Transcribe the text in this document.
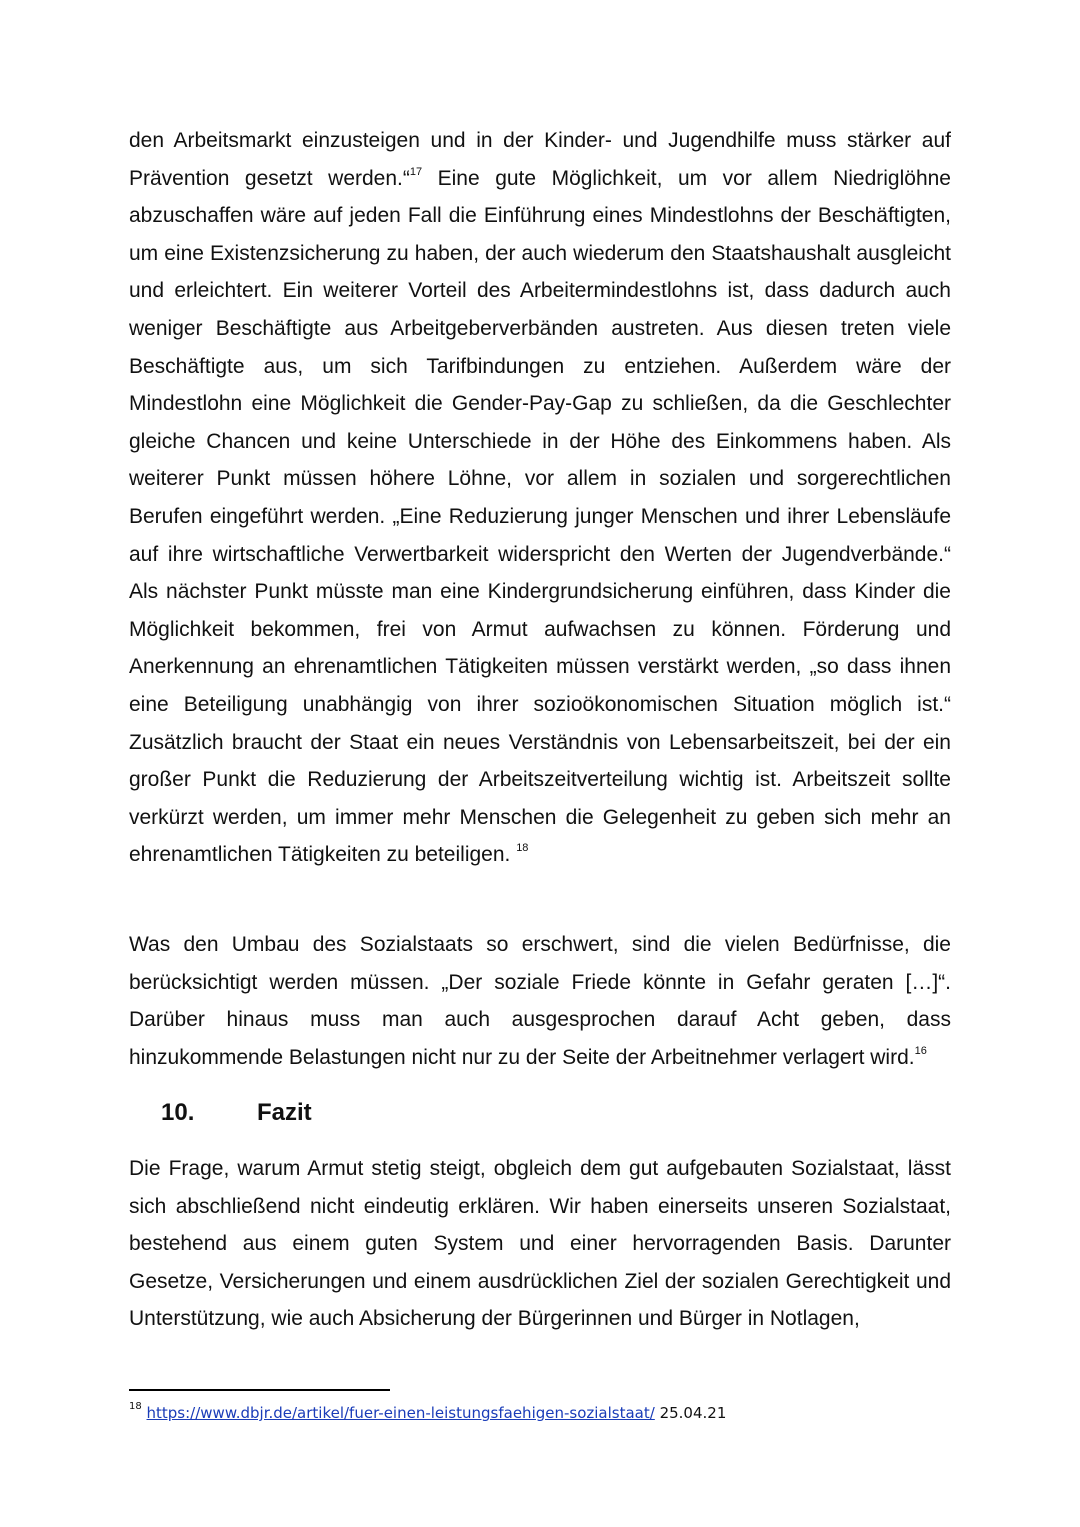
den Arbeitsmarkt einzusteigen und in der Kinder- und Jugendhilfe muss stärker auf Prävention gesetzt werden.“$^{17}$ Eine gute Möglichkeit, um vor allem Niedriglöhne abzuschaffen wäre auf jeden Fall die Einführung eines Mindestlohns der Beschäftigten, um eine Existenzsicherung zu haben, der auch wiederum den Staatshaushalt ausgleicht und erleichtert. Ein weiterer Vorteil des Arbeitermindestlohns ist, dass dadurch auch weniger Beschäftigte aus Arbeitgeberverbänden austreten. Aus diesen treten viele Beschäftigte aus, um sich Tarifbindungen zu entziehen. Außerdem wäre der Mindestlohn eine Möglichkeit die Gender-Pay-Gap zu schließen, da die Geschlechter gleiche Chancen und keine Unterschiede in der Höhe des Einkommens haben. Als weiterer Punkt müssen höhere Löhne, vor allem in sozialen und sorgerechtlichen Berufen eingeführt werden. „Eine Reduzierung junger Menschen und ihrer Lebensläufe auf ihre wirtschaftliche Verwertbarkeit widerspricht den Werten der Jugendverbände.“ Als nächster Punkt müsste man eine Kindergrundsicherung einführen, dass Kinder die Möglichkeit bekommen, frei von Armut aufwachsen zu können. Förderung und Anerkennung an ehrenamtlichen Tätigkeiten müssen verstärkt werden, „so dass ihnen eine Beteiligung unabhängig von ihrer sozioökonomischen Situation möglich ist.“ Zusätzlich braucht der Staat ein neues Verständnis von Lebensarbeitszeit, bei der ein großer Punkt die Reduzierung der Arbeitszeitverteilung wichtig ist. Arbeitszeit sollte verkürzt werden, um immer mehr Menschen die Gelegenheit zu geben sich mehr an ehrenamtlichen Tätigkeiten zu beteiligen. $^{18}$

Was den Umbau des Sozialstaats so erschwert, sind die vielen Bedürfnisse, die berücksichtigt werden müssen. „Der soziale Friede könnte in Gefahr geraten […]“. Darüber hinaus muss man auch ausgesprochen darauf Acht geben, dass hinzukommende Belastungen nicht nur zu der Seite der Arbeitnehmer verlagert wird.$^{16}$

10.	Fazit

Die Frage, warum Armut stetig steigt, obgleich dem gut aufgebauten Sozialstaat, lässt sich abschließend nicht eindeutig erklären. Wir haben einerseits unseren Sozialstaat, bestehend aus einem guten System und einer hervorragenden Basis. Darunter Gesetze, Versicherungen und einem ausdrücklichen Ziel der sozialen Gerechtigkeit und Unterstützung, wie auch Absicherung der Bürgerinnen und Bürger in Notlagen,

$^{18}$ https://www.dbjr.de/artikel/fuer-einen-leistungsfaehigen-sozialstaat/ 25.04.21
